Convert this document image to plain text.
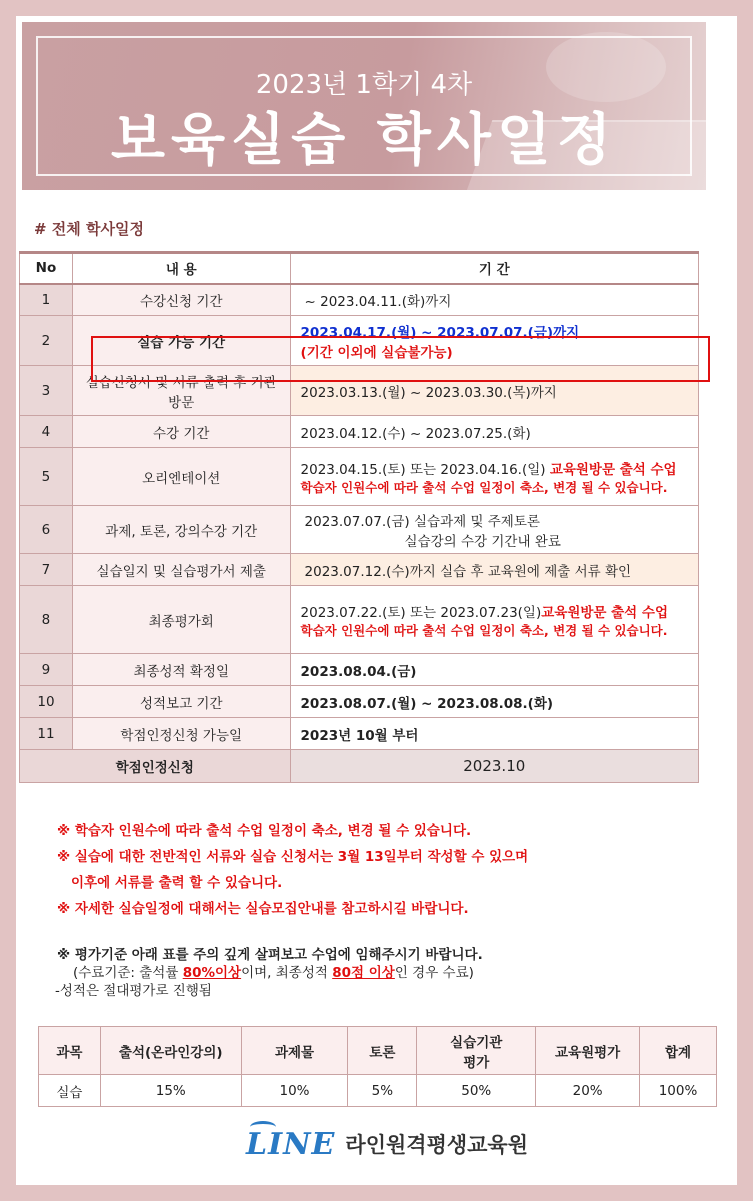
2023년 1학기 4차
보육실습 학사일정
# 전체 학사일정
No	내 용	기 간
1	수강신청 기간	~ 2023.04.11.(화)까지
2	실습 가능 기간	2023.04.17.(월) ~ 2023.07.07.(금)까지
(기간 이외에 실습불가능)

3	실습신청서 및 서류 출력 후 기관 방문	2023.03.13.(월) ~ 2023.03.30.(목)까지
4	수강 기간	2023.04.12.(수) ~ 2023.07.25.(화)
5	오리엔테이션	2023.04.15.(토) 또는 2023.04.16.(일) 교육원방문 출석 수업
학습자 인원수에 따라 출석 수업 일정이 축소, 변경 될 수 있습니다.

6	과제, 토론, 강의수강 기간	2023.07.07.(금) 실습과제 및 주제토론
실습강의 수강 기간내 완료

7	실습일지 및 실습평가서 제출	2023.07.12.(수)까지 실습 후 교육원에 제출 서류 확인
8	최종평가회	2023.07.22.(토) 또는 2023.07.23(일)교육원방문 출석 수업
학습자 인원수에 따라 출석 수업 일정이 축소, 변경 될 수 있습니다.

9	최종성적 확정일	2023.08.04.(금)
10	성적보고 기간	2023.08.07.(월) ~ 2023.08.08.(화)
11	학점인정신청 가능일	2023년 10월 부터
학점인정신청		2023.10
※ 학습자 인원수에 따라 출석 수업 일정이 축소, 변경 될 수 있습니다.
※ 실습에 대한 전반적인 서류와 실습 신청서는 3월 13일부터 작성할 수 있으며
이후에 서류를 출력 할 수 있습니다.
※ 자세한 실습일정에 대해서는 실습모집안내를 참고하시길 바랍니다.
※ 평가기준 아래 표를 주의 깊게 살펴보고 수업에 임해주시기 바랍니다.
(수료기준: 출석률 80%이상이며, 최종성적 80점 이상인 경우 수료)
-성적은 절대평가로 진행됨
과목	출석(온라인강의)	과제물	토론	실습기관 평가	교육원평가	합계
실습	15%	10%	5%	50%	20%	100%
LINE 라인원격평생교육원
